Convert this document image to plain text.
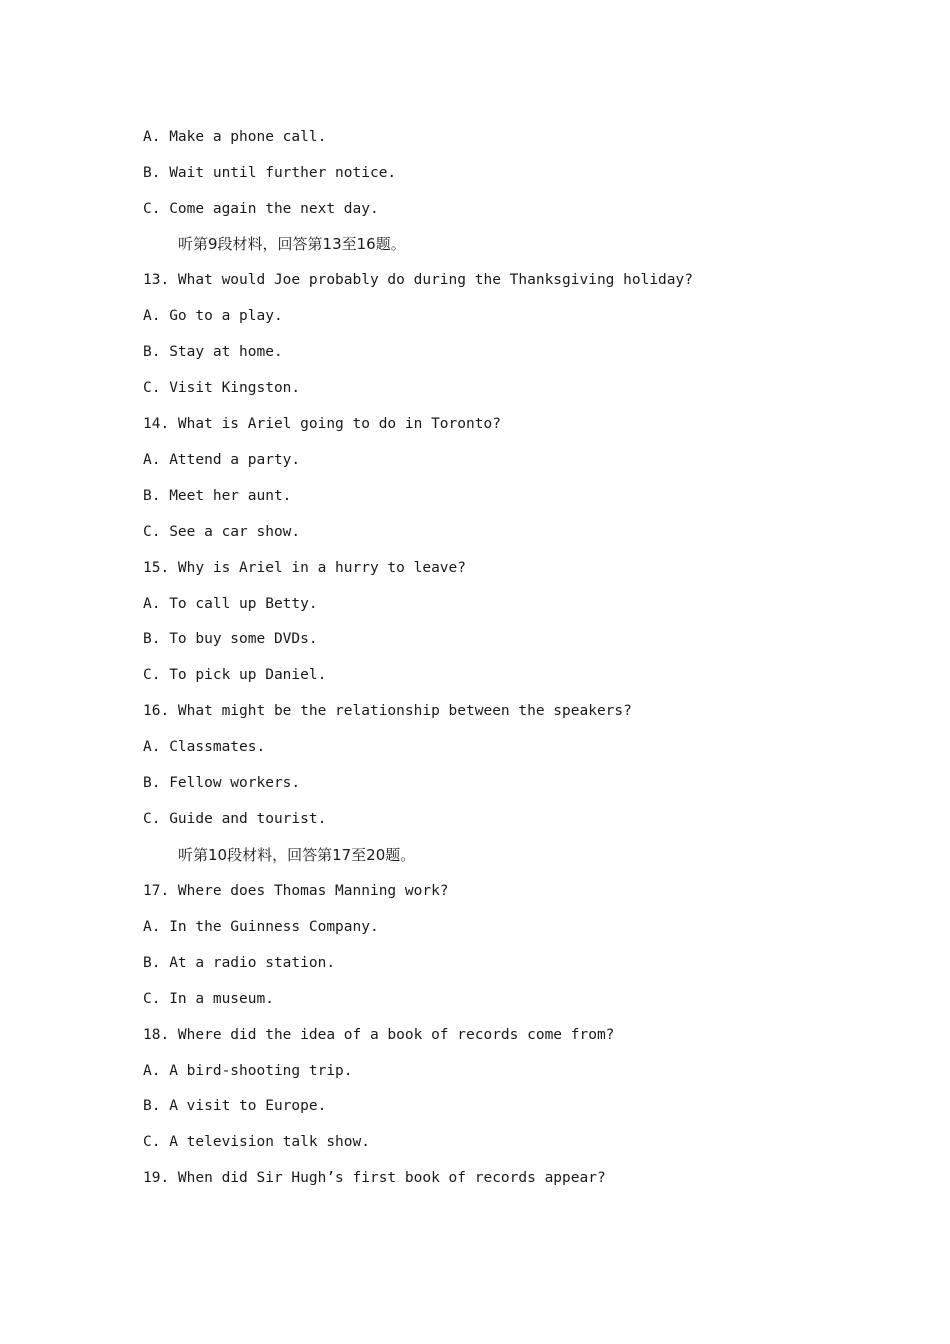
A. Make a phone call.
B. Wait until further notice.
C. Come again the next day.
听第9段材料，回答第13至16题。
13. What would Joe probably do during the Thanksgiving holiday?
A. Go to a play.
B. Stay at home.
C. Visit Kingston.
14. What is Ariel going to do in Toronto?
A. Attend a party.
B. Meet her aunt.
C. See a car show.
15. Why is Ariel in a hurry to leave?
A. To call up Betty.
B. To buy some DVDs.
C. To pick up Daniel.
16. What might be the relationship between the speakers?
A. Classmates.
B. Fellow workers.
C. Guide and tourist.
听第10段材料，回答第17至20题。
17. Where does Thomas Manning work?
A. In the Guinness Company.
B. At a radio station.
C. In a museum.
18. Where did the idea of a book of records come from?
A. A bird-shooting trip.
B. A visit to Europe.
C. A television talk show.
19. When did Sir Hugh’s first book of records appear?
